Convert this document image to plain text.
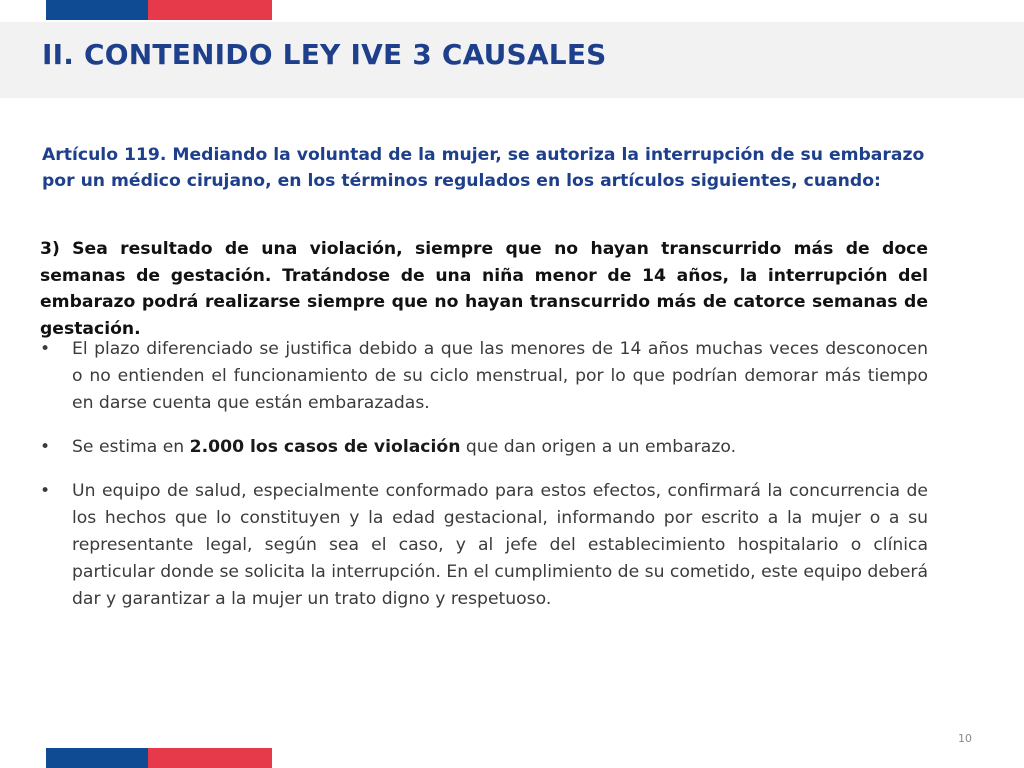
II. CONTENIDO LEY IVE 3 CAUSALES

Artículo 119. Mediando la voluntad de la mujer, se autoriza la interrupción de su embarazo por un médico cirujano, en los términos regulados en los artículos siguientes, cuando:

3) Sea resultado de una violación, siempre que no hayan transcurrido más de doce semanas de gestación. Tratándose de una niña menor de 14 años, la interrupción del embarazo podrá realizarse siempre que no hayan transcurrido más de catorce semanas de gestación.

• El plazo diferenciado se justifica debido a que las menores de 14 años muchas veces desconocen o no entienden el funcionamiento de su ciclo menstrual, por lo que podrían demorar más tiempo en darse cuenta que están embarazadas.
• Se estima en 2.000 los casos de violación que dan origen a un embarazo.
• Un equipo de salud, especialmente conformado para estos efectos, confirmará la concurrencia de los hechos que lo constituyen y la edad gestacional, informando por escrito a la mujer o a su representante legal, según sea el caso, y al jefe del establecimiento hospitalario o clínica particular donde se solicita la interrupción. En el cumplimiento de su cometido, este equipo deberá dar y garantizar a la mujer un trato digno y respetuoso.
10
